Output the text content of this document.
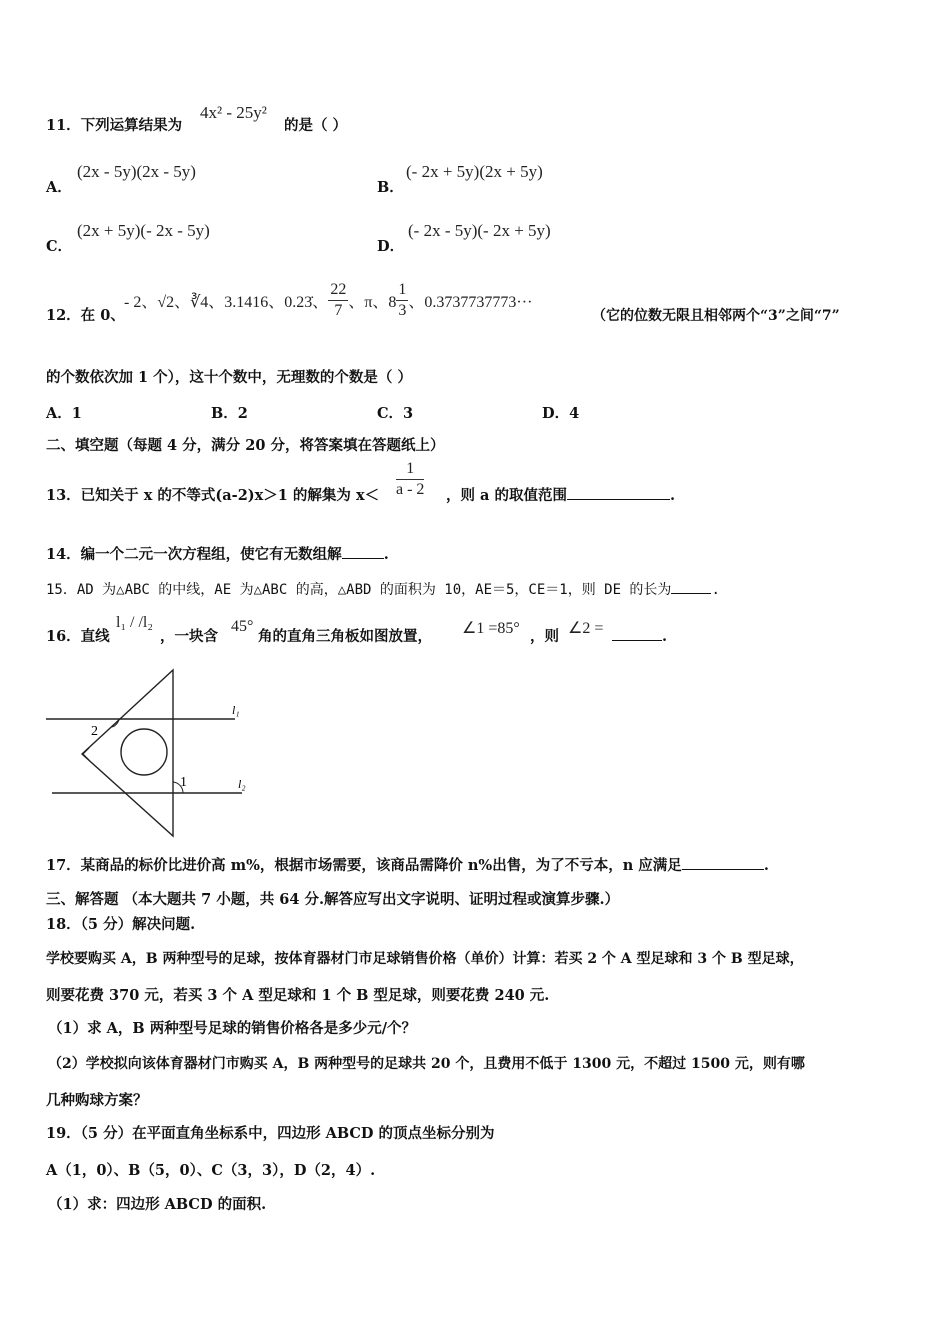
11．下列运算结果为
4x² - 25y²
的是（ ）
A．
(2x - 5y)(2x - 5y)
B．
(- 2x + 5y)(2x + 5y)
C．
(2x + 5y)(- 2x - 5y)
D．
(- 2x - 5y)(- 2x + 5y)
12．在 0、
- 2、√2、∛4、3.1416、0.23̇、 $\frac{22}{7}$ 、π、$8 \frac{1}{3}$ 、0.3737737773···
（它的位数无限且相邻两个“3”之间“7”
的个数依次加 1 个），这十个数中，无理数的个数是（ ）
A．1	B．2	C．3	D．4
二、填空题（每题 4 分，满分 20 分，将答案填在答题纸上）
13．已知关于 x 的不等式(a-2)x＞1 的解集为 $x< \frac{1}{a - 2}$ ，则 a 的取值范围	.
14．编一个二元一次方程组，使它有无数组解	.
15．AD 为△ABC 的中线，AE 为△ABC 的高，△ABD 的面积为 10，AE＝5，CE＝1，则 DE 的长为	.
16．直线
l₁ / /l₂
，一块含
45°
角的直角三角板如图放置， ∠1 =85° ，则 ∠2 =	.
l₁
l₂
1
2
17．某商品的标价比进价高 m%，根据市场需要，该商品需降价 n%出售，为了不亏本，n 应满足	.
三、解答题 （本大题共 7 小题，共 64 分.解答应写出文字说明、证明过程或演算步骤.）
18．（5 分）解决问题.
学校要购买 A，B 两种型号的足球，按体育器材门市足球销售价格（单价）计算：若买 2 个 A 型足球和 3 个 B 型足球，
则要花费 370 元，若买 3 个 A 型足球和 1 个 B 型足球，则要花费 240 元.
（1）求 A，B 两种型号足球的销售价格各是多少元/个？
（2）学校拟向该体育器材门市购买 A，B 两种型号的足球共 20 个，且费用不低于 1300 元，不超过 1500 元，则有哪
几种购球方案？
19．（5 分）在平面直角坐标系中，四边形 ABCD 的顶点坐标分别为
A（1，0）、B（5，0）、C（3，3），D（2，4）.
（1）求：四边形 ABCD 的面积.
